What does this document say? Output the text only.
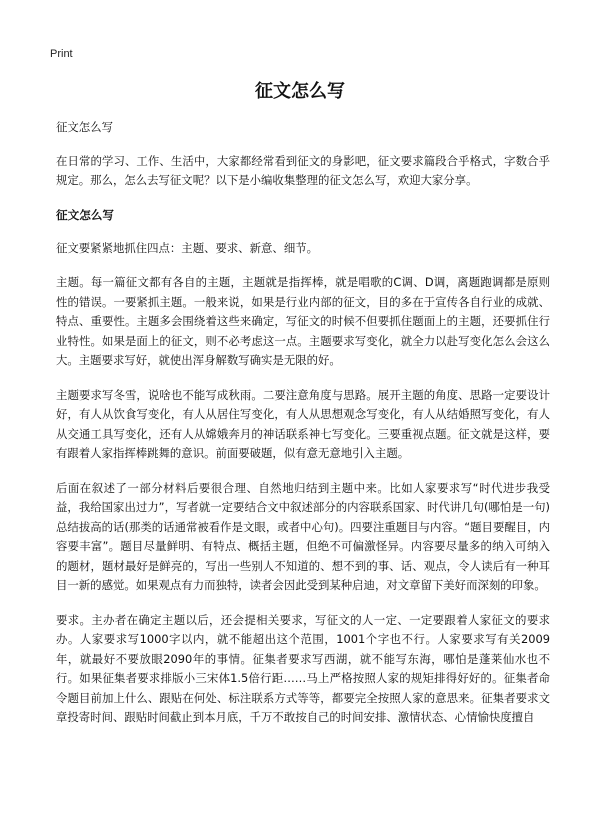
Print
征文怎么写

征文怎么写

在日常的学习、工作、生活中，大家都经常看到征文的身影吧，征文要求篇段合乎格式，字数合乎规定。那么，怎么去写征文呢？以下是小编收集整理的征文怎么写，欢迎大家分享。

征文怎么写

征文要紧紧地抓住四点：主题、要求、新意、细节。

主题。每一篇征文都有各自的主题，主题就是指挥棒，就是唱歌的C调、D调，离题跑调都是原则性的错误。一要紧抓主题。一般来说，如果是行业内部的征文，目的多在于宣传各自行业的成就、特点、重要性。主题多会围绕着这些来确定，写征文的时候不但要抓住题面上的主题，还要抓住行业特性。如果是面上的征文，则不必考虑这一点。主题要求写变化，就全力以赴写变化怎么会这么大。主题要求写好，就使出浑身解数写确实是无限的好。

主题要求写冬雪，说啥也不能写成秋雨。二要注意角度与思路。展开主题的角度、思路一定要设计好，有人从饮食写变化，有人从居住写变化，有人从思想观念写变化，有人从结婚照写变化，有人从交通工具写变化，还有人从嫦娥奔月的神话联系神七写变化。三要重视点题。征文就是这样，要有跟着人家指挥棒跳舞的意识。前面要破题，似有意无意地引入主题。

后面在叙述了一部分材料后要很合理、自然地归结到主题中来。比如人家要求写“时代进步我受益，我给国家出过力”，写者就一定要结合文中叙述部分的内容联系国家、时代讲几句(哪怕是一句)总结拔高的话(那类的话通常被看作是文眼，或者中心句)。四要注重题目与内容。“题目要醒目，内容要丰富”。题目尽量鲜明、有特点、概括主题，但绝不可偏激怪异。内容要尽量多的纳入可纳入的题材，题材最好是鲜亮的，写出一些别人不知道的、想不到的事、话、观点，令人读后有一种耳目一新的感觉。如果观点有力而独特，读者会因此受到某种启迪，对文章留下美好而深刻的印象。

要求。主办者在确定主题以后，还会提相关要求，写征文的人一定、一定要跟着人家征文的要求办。人家要求写1000字以内，就不能超出这个范围，1001个字也不行。人家要求写有关2009年，就最好不要放眼2090年的事情。征集者要求写西湖，就不能写东海，哪怕是蓬莱仙水也不行。如果征集者要求排版小三宋体1.5倍行距……马上严格按照人家的规矩排得好好的。征集者命令题目前加上什么、跟贴在何处、标注联系方式等等，都要完全按照人家的意思来。征集者要求文章投寄时间、跟贴时间截止到本月底，千万不敢按自己的时间安排、激情状态、心情愉快度擅自
